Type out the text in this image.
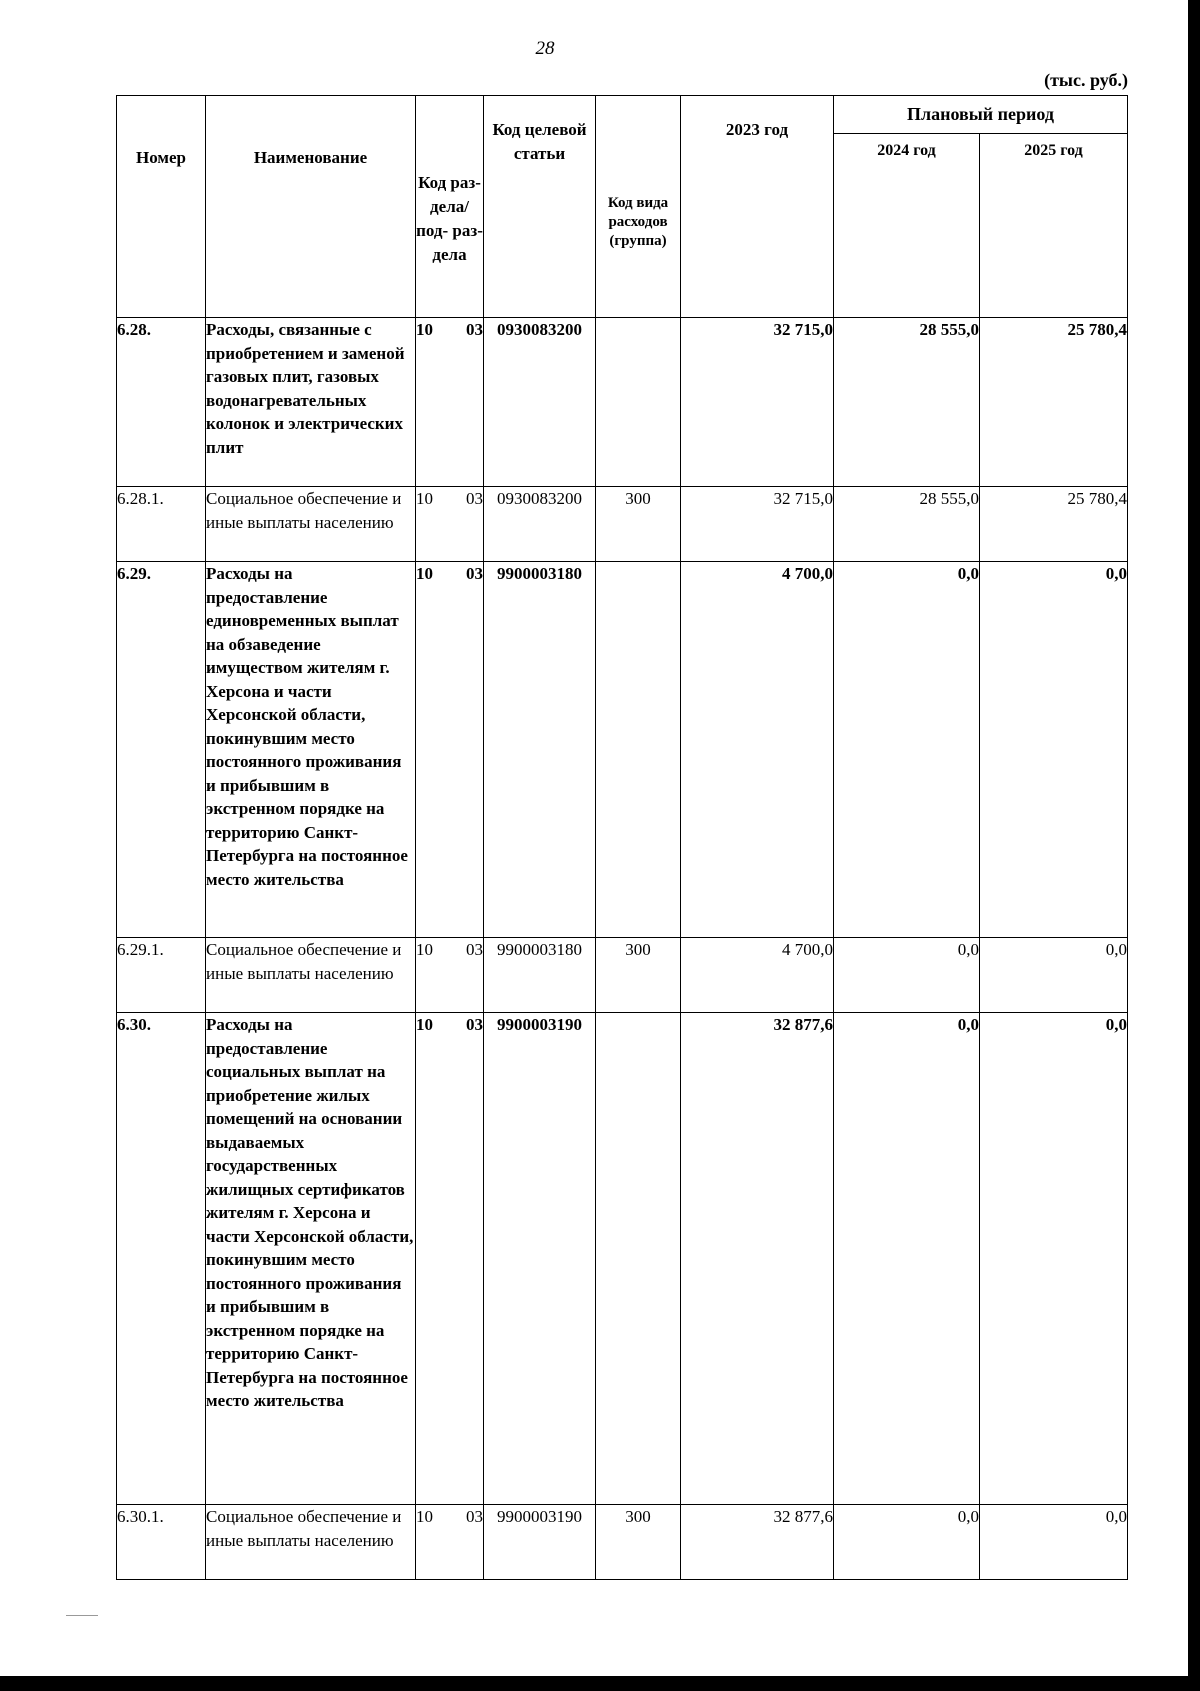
28
(тыс. руб.)
Номер	Наименование	Код раз- дела/ под- раз- дела	Код целевой статьи	Код вида расходов (группа)	2023 год	Плановый период	
						2024 год	2025 год
6.28.	Расходы, связанные с приобретением и заменой газовых плит, газовых водонагревательных колонок и электрических плит	10 03	0930083200		32 715,0	28 555,0	25 780,4
6.28.1.	Социальное обеспечение и иные выплаты населению	10 03	0930083200	300	32 715,0	28 555,0	25 780,4
6.29.	Расходы на предоставление единовременных выплат на обзаведение имуществом жителям г. Херсона и части Херсонской области, покинувшим место постоянного проживания и прибывшим в экстренном порядке на территорию Санкт-Петербурга на постоянное место жительства	10 03	9900003180		4 700,0	0,0	0,0
6.29.1.	Социальное обеспечение и иные выплаты населению	10 03	9900003180	300	4 700,0	0,0	0,0
6.30.	Расходы на предоставление социальных выплат на приобретение жилых помещений на основании выдаваемых государственных жилищных сертификатов жителям г. Херсона и части Херсонской области, покинувшим место постоянного проживания и прибывшим в экстренном порядке на территорию Санкт-Петербурга на постоянное место жительства	10 03	9900003190		32 877,6	0,0	0,0
6.30.1.	Социальное обеспечение и иные выплаты населению	10 03	9900003190	300	32 877,6	0,0	0,0
